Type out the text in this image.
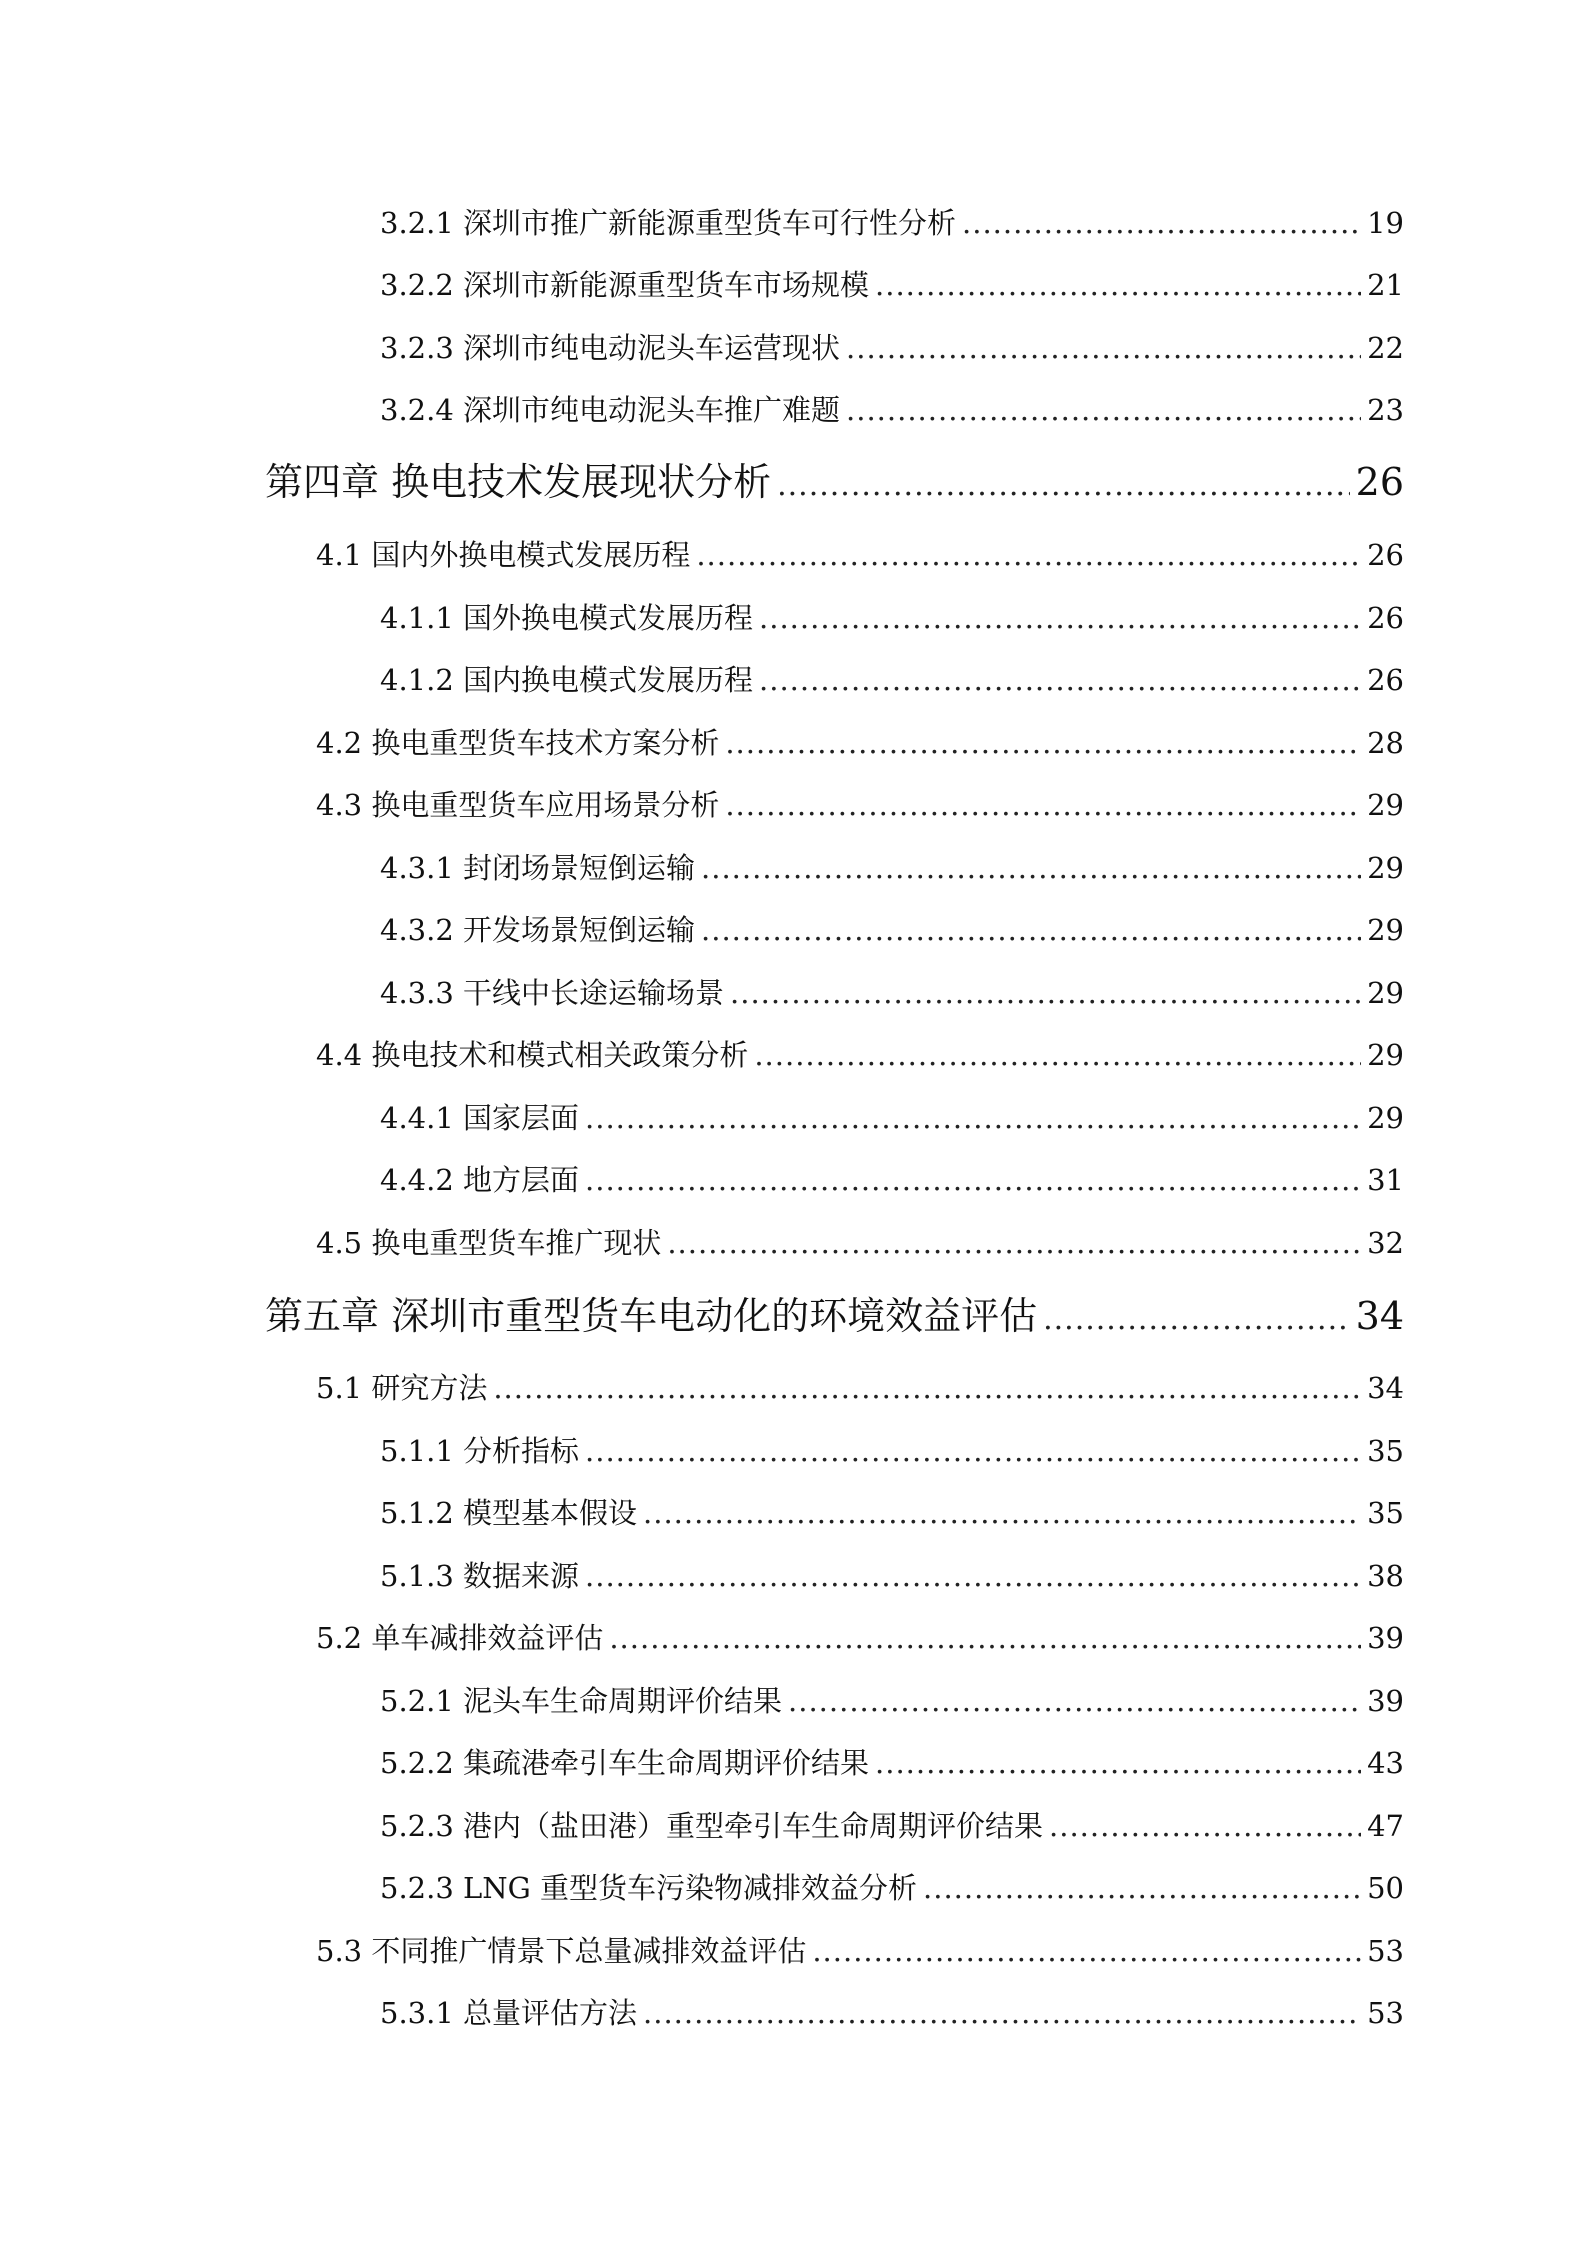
3.2.1 深圳市推广新能源重型货车可行性分析 .....	19
3.2.2 深圳市新能源重型货车市场规模 .....	21
3.2.3 深圳市纯电动泥头车运营现状 .....	22
3.2.4 深圳市纯电动泥头车推广难题 .....	23
第四章 换电技术发展现状分析 .....	26
4.1 国内外换电模式发展历程 .....	26
4.1.1 国外换电模式发展历程 .....	26
4.1.2 国内换电模式发展历程 .....	26
4.2 换电重型货车技术方案分析 .....	28
4.3 换电重型货车应用场景分析 .....	29
4.3.1 封闭场景短倒运输 .....	29
4.3.2 开发场景短倒运输 .....	29
4.3.3 干线中长途运输场景 .....	29
4.4 换电技术和模式相关政策分析 .....	29
4.4.1 国家层面 .....	29
4.4.2 地方层面 .....	31
4.5 换电重型货车推广现状 .....	32
第五章 深圳市重型货车电动化的环境效益评估 .....	34
5.1 研究方法 .....	34
5.1.1 分析指标 .....	35
5.1.2 模型基本假设 .....	35
5.1.3 数据来源 .....	38
5.2 单车减排效益评估 .....	39
5.2.1 泥头车生命周期评价结果 .....	39
5.2.2 集疏港牵引车生命周期评价结果 .....	43
5.2.3 港内（盐田港）重型牵引车生命周期评价结果 .....	47
5.2.3 LNG 重型货车污染物减排效益分析 .....	50
5.3 不同推广情景下总量减排效益评估 .....	53
5.3.1 总量评估方法 .....	53
